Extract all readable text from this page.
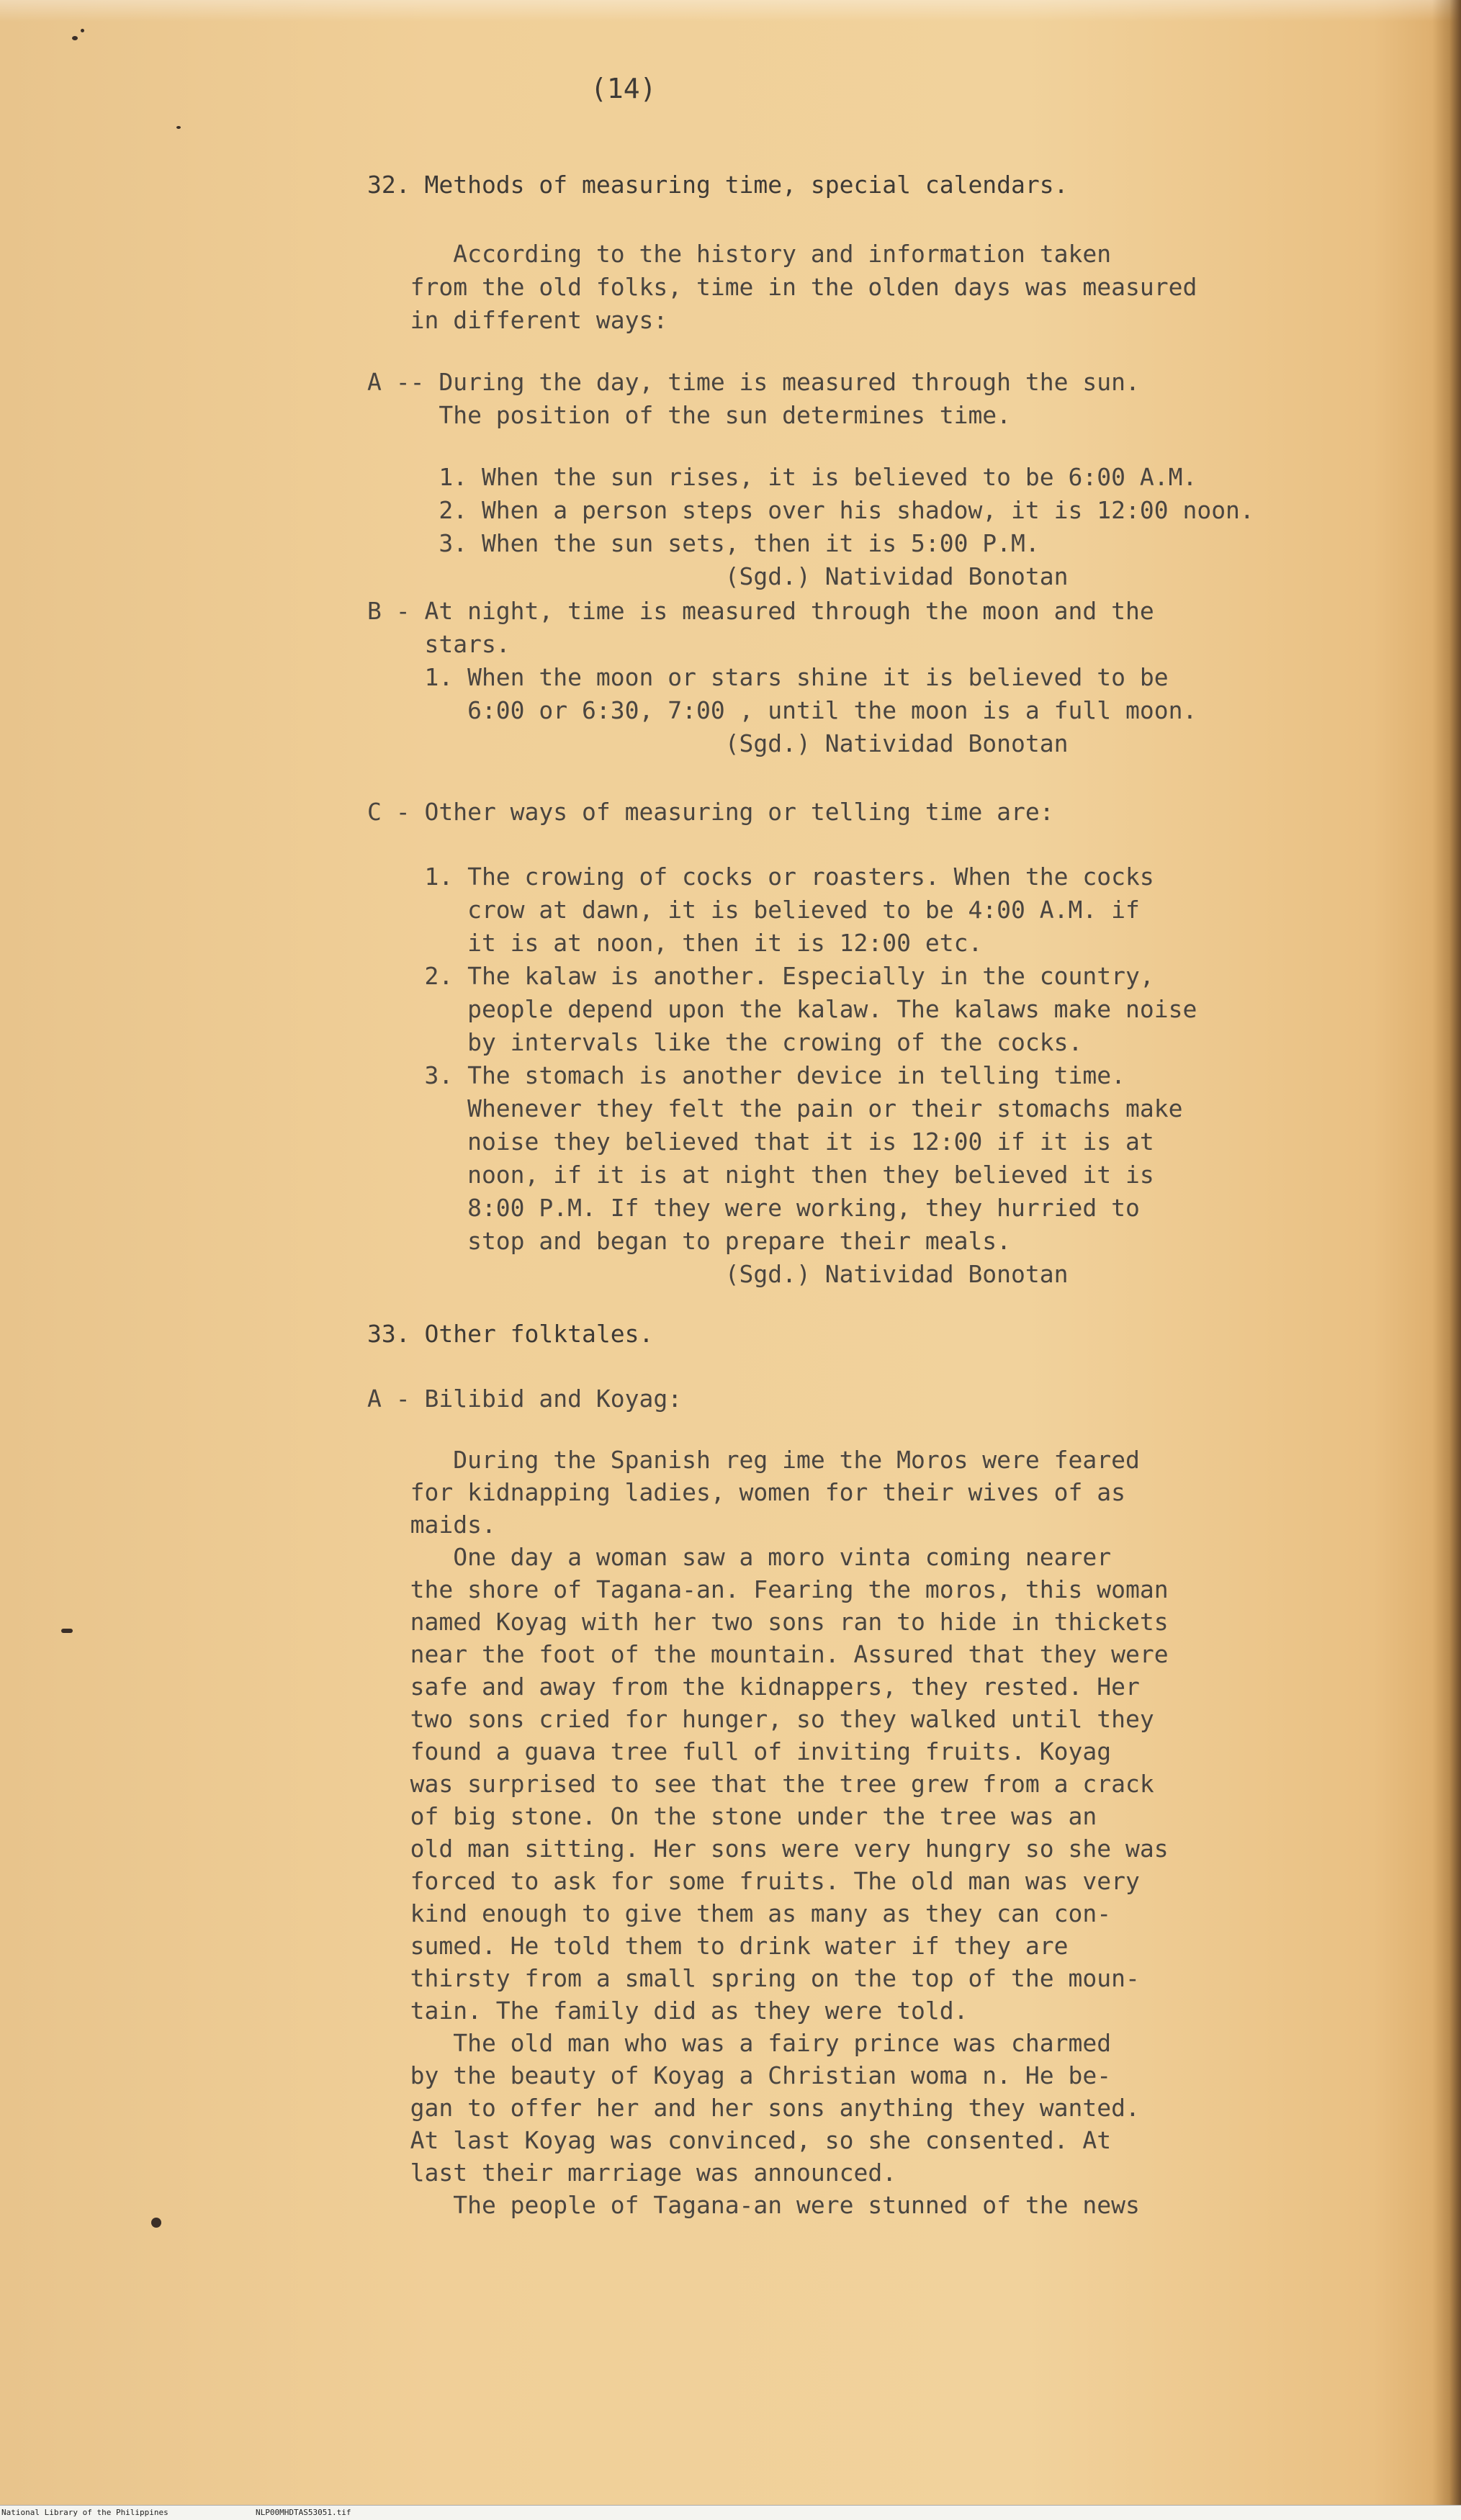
(14)

32. Methods of measuring time, special calendars.

According to the history and information taken
from the old folks, time in the olden days was measured
in different ways:

A -- During the day, time is measured through the sun.
The position of the sun determines time.

1. When the sun rises, it is believed to be 6:00 A.M.
2. When a person steps over his shadow, it is 12:00 noon.
3. When the sun sets, then it is 5:00 P.M.
(Sgd.) Natividad Bonotan

B - At night, time is measured through the moon and the
stars.
1. When the moon or stars shine it is believed to be
6:00 or 6:30, 7:00 , until the moon is a full moon.
(Sgd.) Natividad Bonotan

C - Other ways of measuring or telling time are:

1. The crowing of cocks or roasters. When the cocks
crow at dawn, it is believed to be 4:00 A.M. if
it is at noon, then it is 12:00 etc.
2. The kalaw is another. Especially in the country,
people depend upon the kalaw. The kalaws make noise
by intervals like the crowing of the cocks.
3. The stomach is another device in telling time.
Whenever they felt the pain or their stomachs make
noise they believed that it is 12:00 if it is at
noon, if it is at night then they believed it is
8:00 P.M. If they were working, they hurried to
stop and began to prepare their meals.
(Sgd.) Natividad Bonotan

33. Other folktales.

A - Bilibid and Koyag:

During the Spanish reg ime the Moros were feared
for kidnapping ladies, women for their wives of as
maids.
One day a woman saw a moro vinta coming nearer
the shore of Tagana-an. Fearing the moros, this woman
named Koyag with her two sons ran to hide in thickets
near the foot of the mountain. Assured that they were
safe and away from the kidnappers, they rested. Her
two sons cried for hunger, so they walked until they
found a guava tree full of inviting fruits. Koyag
was surprised to see that the tree grew from a crack
of big stone. On the stone under the tree was an
old man sitting. Her sons were very hungry so she was
forced to ask for some fruits. The old man was very
kind enough to give them as many as they can con-
sumed. He told them to drink water if they are
thirsty from a small spring on the top of the moun-
tain. The family did as they were told.
The old man who was a fairy prince was charmed
by the beauty of Koyag a Christian woma n. He be-
gan to offer her and her sons anything they wanted.
At last Koyag was convinced, so she consented. At
last their marriage was announced.
The people of Tagana-an were stunned of the news

National Library of the Philippines

	NLP00MHDTAS53051.tif
